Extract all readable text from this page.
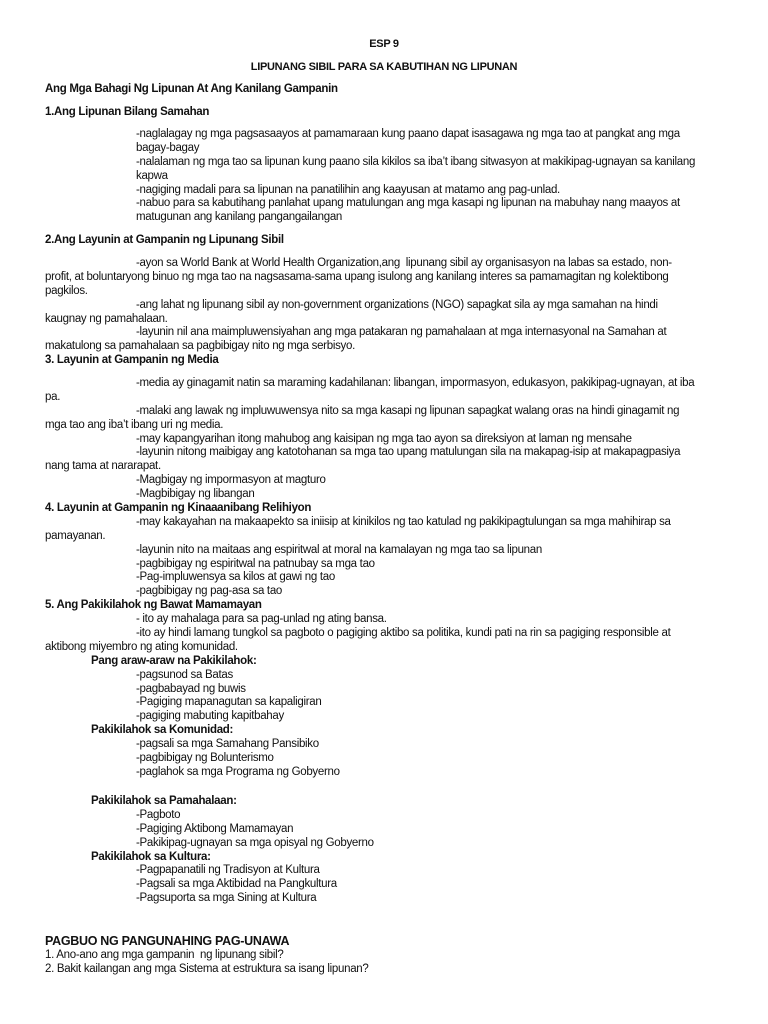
ESP 9
LIPUNANG SIBIL PARA SA KABUTIHAN NG LIPUNAN
Ang Mga Bahagi Ng Lipunan At Ang Kanilang Gampanin
1.Ang Lipunan Bilang Samahan
-naglalagay ng mga pagsasaayos at pamamaraan kung paano dapat isasagawa ng mga tao at pangkat ang mga
bagay-bagay
-nalalaman ng mga tao sa lipunan kung paano sila kikilos sa iba’t ibang sitwasyon at makikipag-ugnayan sa kanilang
kapwa
-nagiging madali para sa lipunan na panatilihin ang kaayusan at matamo ang pag-unlad.
-nabuo para sa kabutihang panlahat upang matulungan ang mga kasapi ng lipunan na mabuhay nang maayos at
matugunan ang kanilang pangangailangan
2.Ang Layunin at Gampanin ng Lipunang Sibil
-ayon sa World Bank at World Health Organization,ang  lipunang sibil ay organisasyon na labas sa estado, non-
profit, at boluntaryong binuo ng mga tao na nagsasama-sama upang isulong ang kanilang interes sa pamamagitan ng kolektibong
pagkilos.
-ang lahat ng lipunang sibil ay non-government organizations (NGO) sapagkat sila ay mga samahan na hindi
kaugnay ng pamahalaan.
-layunin nil ana maimpluwensiyahan ang mga patakaran ng pamahalaan at mga internasyonal na Samahan at
makatulong sa pamahalaan sa pagbibigay nito ng mga serbisyo.
3. Layunin at Gampanin ng Media
-media ay ginagamit natin sa maraming kadahilanan: libangan, impormasyon, edukasyon, pakikipag-ugnayan, at iba
pa.
-malaki ang lawak ng impluwuwensya nito sa mga kasapi ng lipunan sapagkat walang oras na hindi ginagamit ng
mga tao ang iba’t ibang uri ng media.
-may kapangyarihan itong mahubog ang kaisipan ng mga tao ayon sa direksiyon at laman ng mensahe
-layunin nitong maibigay ang katotohanan sa mga tao upang matulungan sila na makapag-isip at makapagpasiya
nang tama at nararapat.
-Magbigay ng impormasyon at magturo
-Magbibigay ng libangan
4. Layunin at Gampanin ng Kinaaanibang Relihiyon
-may kakayahan na makaapekto sa iniisip at kinikilos ng tao katulad ng pakikipagtulungan sa mga mahihirap sa
pamayanan.
-layunin nito na maitaas ang espiritwal at moral na kamalayan ng mga tao sa lipunan
-pagbibigay ng espiritwal na patnubay sa mga tao
-Pag-impluwensya sa kilos at gawi ng tao
-pagbibigay ng pag-asa sa tao
5. Ang Pakikilahok ng Bawat Mamamayan
- ito ay mahalaga para sa pag-unlad ng ating bansa.
-ito ay hindi lamang tungkol sa pagboto o pagiging aktibo sa politika, kundi pati na rin sa pagiging responsible at
aktibong miyembro ng ating komunidad.
Pang araw-araw na Pakikilahok:
-pagsunod sa Batas
-pagbabayad ng buwis
-Pagiging mapanagutan sa kapaligiran
-pagiging mabuting kapitbahay
Pakikilahok sa Komunidad:
-pagsali sa mga Samahang Pansibiko
-pagbibigay ng Bolunterismo
-paglahok sa mga Programa ng Gobyerno
Pakikilahok sa Pamahalaan:
-Pagboto
-Pagiging Aktibong Mamamayan
-Pakikipag-ugnayan sa mga opisyal ng Gobyerno
Pakikilahok sa Kultura:
-Pagpapanatili ng Tradisyon at Kultura
-Pagsali sa mga Aktibidad na Pangkultura
-Pagsuporta sa mga Sining at Kultura
PAGBUO NG PANGUNAHING PAG-UNAWA
1. Ano-ano ang mga gampanin  ng lipunang sibil?
2. Bakit kailangan ang mga Sistema at estruktura sa isang lipunan?
